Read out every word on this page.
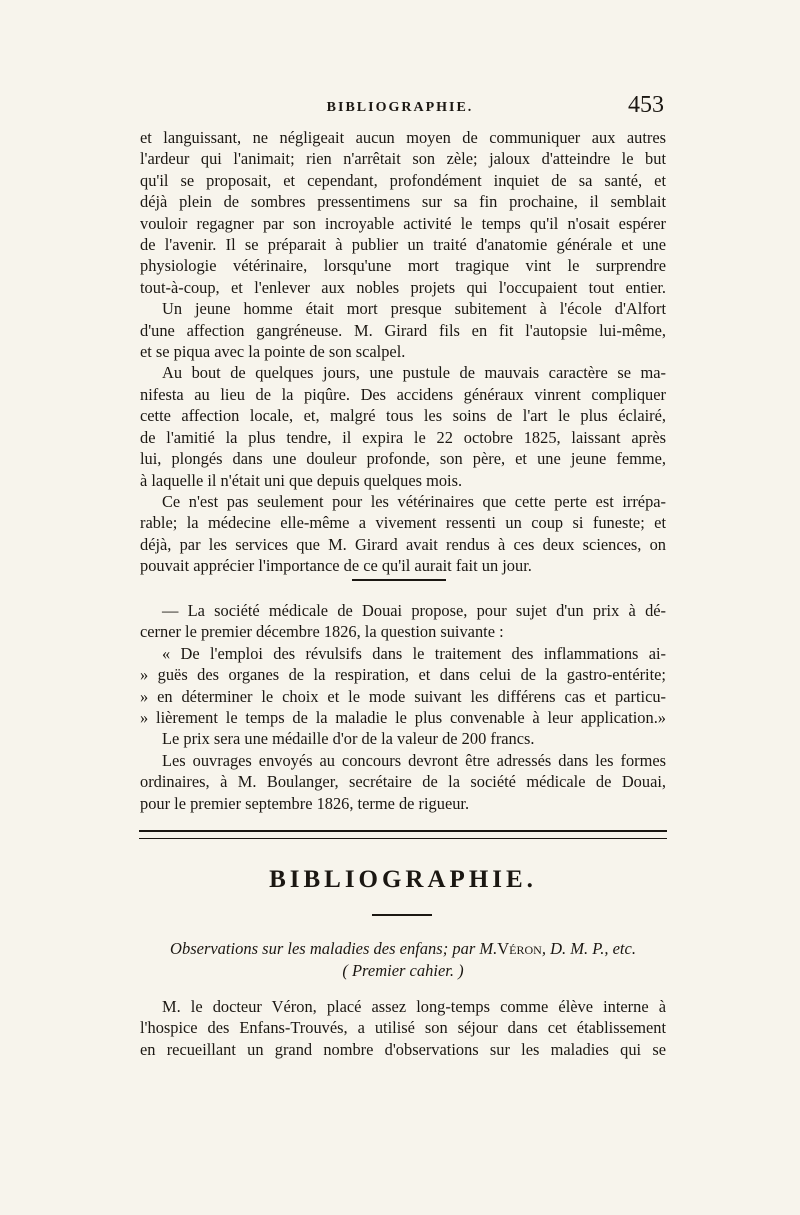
BIBLIOGRAPHIE.	453

et languissant, ne négligeait aucun moyen de communiquer aux autres

l'ardeur qui l'animait; rien n'arrêtait son zèle; jaloux d'atteindre le but

qu'il se proposait, et cependant, profondément inquiet de sa santé, et

déjà plein de sombres pressentimens sur sa fin prochaine, il semblait

vouloir regagner par son incroyable activité le temps qu'il n'osait espérer

de l'avenir. Il se préparait à publier un traité d'anatomie générale et une

physiologie vétérinaire, lorsqu'une mort tragique vint le surprendre

tout-à-coup, et l'enlever aux nobles projets qui l'occupaient tout entier.

Un jeune homme était mort presque subitement à l'école d'Alfort

d'une affection gangréneuse. M. Girard fils en fit l'autopsie lui-même,

et se piqua avec la pointe de son scalpel.

Au bout de quelques jours, une pustule de mauvais caractère se ma-

nifesta au lieu de la piqûre. Des accidens généraux vinrent compliquer

cette affection locale, et, malgré tous les soins de l'art le plus éclairé,

de l'amitié la plus tendre, il expira le 22 octobre 1825, laissant après

lui, plongés dans une douleur profonde, son père, et une jeune femme,

à laquelle il n'était uni que depuis quelques mois.

Ce n'est pas seulement pour les vétérinaires que cette perte est irrépa-

rable; la médecine elle-même a vivement ressenti un coup si funeste; et

déjà, par les services que M. Girard avait rendus à ces deux sciences, on

pouvait apprécier l'importance de ce qu'il aurait fait un jour.

— La société médicale de Douai propose, pour sujet d'un prix à dé-

cerner le premier décembre 1826, la question suivante :

« De l'emploi des révulsifs dans le traitement des inflammations ai-

» guës des organes de la respiration, et dans celui de la gastro-entérite;

» en déterminer le choix et le mode suivant les différens cas et particu-

» lièrement le temps de la maladie le plus convenable à leur application.»

Le prix sera une médaille d'or de la valeur de 200 francs.

Les ouvrages envoyés au concours devront être adressés dans les formes

ordinaires, à M. Boulanger, secrétaire de la société médicale de Douai,

pour le premier septembre 1826, terme de rigueur.

BIBLIOGRAPHIE.
Observations sur les maladies des enfans; par M.Véron, D. M. P., etc.
( Premier cahier. )

M. le docteur Véron, placé assez long-temps comme élève interne à

l'hospice des Enfans-Trouvés, a utilisé son séjour dans cet établissement

en recueillant un grand nombre d'observations sur les maladies qui se
